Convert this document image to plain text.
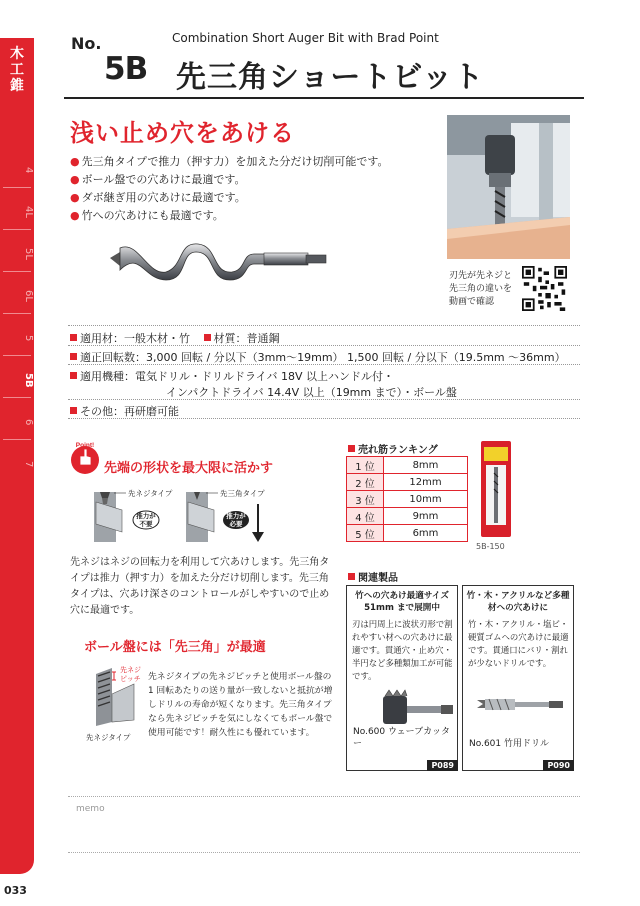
木工錐
4
4L
5L
6L
5
5B
6
7
033
No.	Combination Short Auger Bit with Brad Point
5B 先三角ショートビット
浅い止め穴をあける
● 先三角タイプで推力（押す力）を加えた分だけ切削可能です。
● ボール盤での穴あけに最適です。
● ダボ継ぎ用の穴あけに最適です。
● 竹への穴あけにも最適です。
刃先が先ネジと先三角の違いを動画で確認
適用材：一般木材・竹 材質：普通鋼
適正回転数：3,000 回転 / 分以下（3mm〜19mm） 1,500 回転 / 分以下（19.5mm 〜36mm）
適用機種：電気ドリル・ドリルドライバ 18V 以上ハンドル付・
インパクトドライバ 14.4V 以上（19mm まで）・ボール盤
その他：再研磨可能
Point!
先端の形状を最大限に活かす
先ネジタイプ
推力が
不要
先三角タイプ
推力が
必要
先ネジはネジの回転力を利用して穴あけします。先三角タイプは推力（押す力）を加えた分だけ切削します。先三角タイプは、穴あけ深さのコントロールがしやすいので止め穴に最適です。
ボール盤には「先三角」が最適
先ネジ
ピッチ
先ネジタイプ
先ネジタイプの先ネジピッチと使用ボール盤の 1 回転あたりの送り量が一致しないと抵抗が増しドリルの寿命が短くなります。先三角タイプなら先ネジピッチを気にしなくてもボール盤で使用可能です！耐久性にも優れています。
売れ筋ランキング
1 位	8mm
2 位	12mm
3 位	10mm
4 位	9mm
5 位	6mm
5B-150
関連製品
竹への穴あけ最適サイズ 51mm まで展開中
刃は円周上に波状刃形で割れやすい材への穴あけに最適です。貫通穴・止め穴・半円など多種類加工が可能です。
No.600 ウェーブカッター
P089
竹・木・アクリルなど多種材への穴あけに
竹・木・アクリル・塩ビ・硬質ゴムへの穴あけに最適です。貫通口にバリ・割れが少ないドリルです。
No.601 竹用ドリル
P090
memo
